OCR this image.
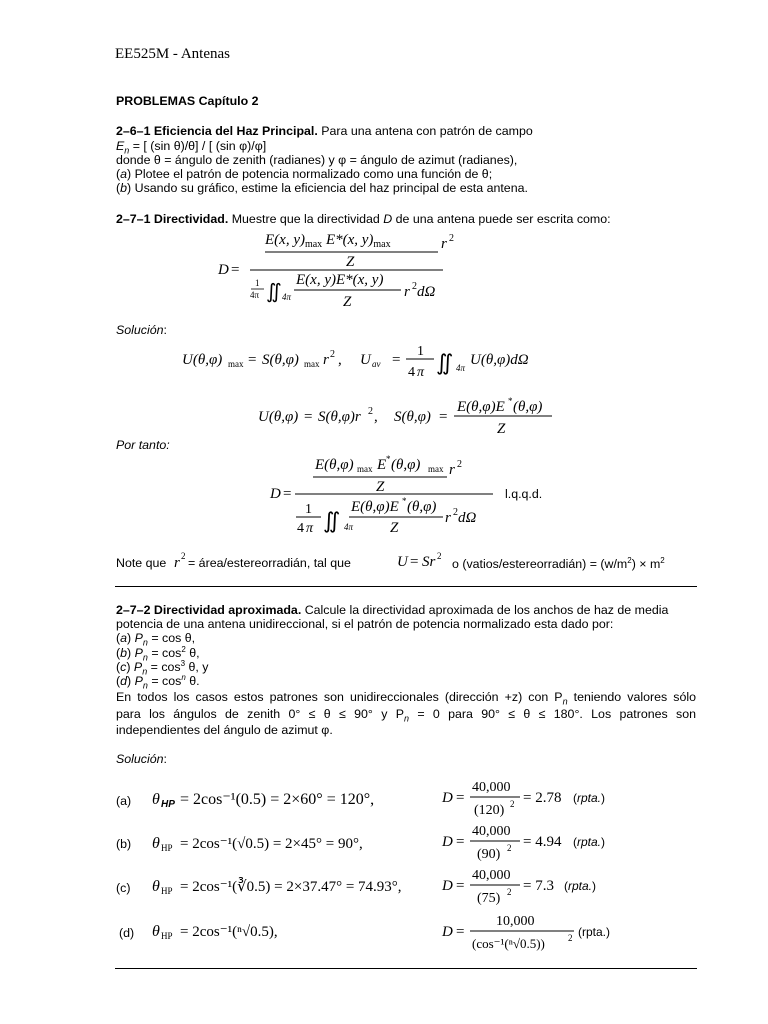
EE525M - Antenas
PROBLEMAS Capítulo 2
2–6–1 Eficiencia del Haz Principal. Para una antena con patrón de campo
$E_n$ = [ (sin θ)/θ] / [ (sin φ)/φ]
donde θ = ángulo de zenith (radianes) y φ = ángulo de azimut (radianes),
(a) Plotee el patrón de potencia normalizado como una función de θ;
(b) Usando su gráfico, estime la eficiencia del haz principal de esta antena.
2–7–1 Directividad. Muestre que la directividad D de una antena puede ser escrita como:
E(x, $y)_{max}$ E*(x, $y)_{max}$	r 2
Z
D =
1
4π ∬ 4π
E(x, y)E*(x, y)
Z
r 2 dΩ
Solución:
U(θ,φ) max = S(θ,φ) max r 2 , U av =
1
4 π ∬ 4π U(θ,φ)dΩ
U(θ,φ) = S(θ,φ)r 2 , S(θ,φ) =
E(θ,φ)E * (θ,φ)
Z
Por tanto:
E(θ,φ) max E * (θ,φ) max r 2
Z
D =
1
4 π ∬ 4π
E(θ,φ)E * (θ,φ)
Z
r 2 dΩ
l.q.q.d.
Note que r 2 = área/estereorradián, tal que	U = Sr 2
o (vatios/estereorradián) = $(w/m^2) \times m^2$
2–7–2 Directividad aproximada. Calcule la directividad aproximada de los anchos de haz de media
potencia de una antena unidireccional, si el patrón de potencia normalizado esta dado por:
(a) $P_n = \cos \theta$,
(b) $P_n = \cos^2 \theta$,
(c) $P_n = \cos^3 \theta$, y
(d) $P_n = \cos^n \theta$.
En todos los casos estos patrones son unidireccionales (dirección +z) con $P_n$ teniendo valores sólo
para los ángulos de zenith 0° ≤ θ ≤ 90° y $P_n = 0$ para 90° ≤ θ ≤ 180°. Los patrones son
independientes del ángulo de azimut φ.
Solución:
(a) θ HP = 2cos⁻¹(0.5) = 2×60° = 120°,	D =
40,000
(120) 2 = 2.78 (rpta.)
(b) θ HP = 2cos⁻¹(√0.5) = 2×45° = 90°,	D =
40,000
(90) 2 = 4.94 (rpta.)
(c) θ HP = 2cos⁻¹(∛0.5) = 2×37.47° = 74.93°,	D =
40,000
(75) 2 = 7.3 (rpta.)
(d) θ HP = 2cos⁻¹(ⁿ√0.5),	D =
10,000
(cos⁻¹(ⁿ√0.5))	2 (rpta.)
